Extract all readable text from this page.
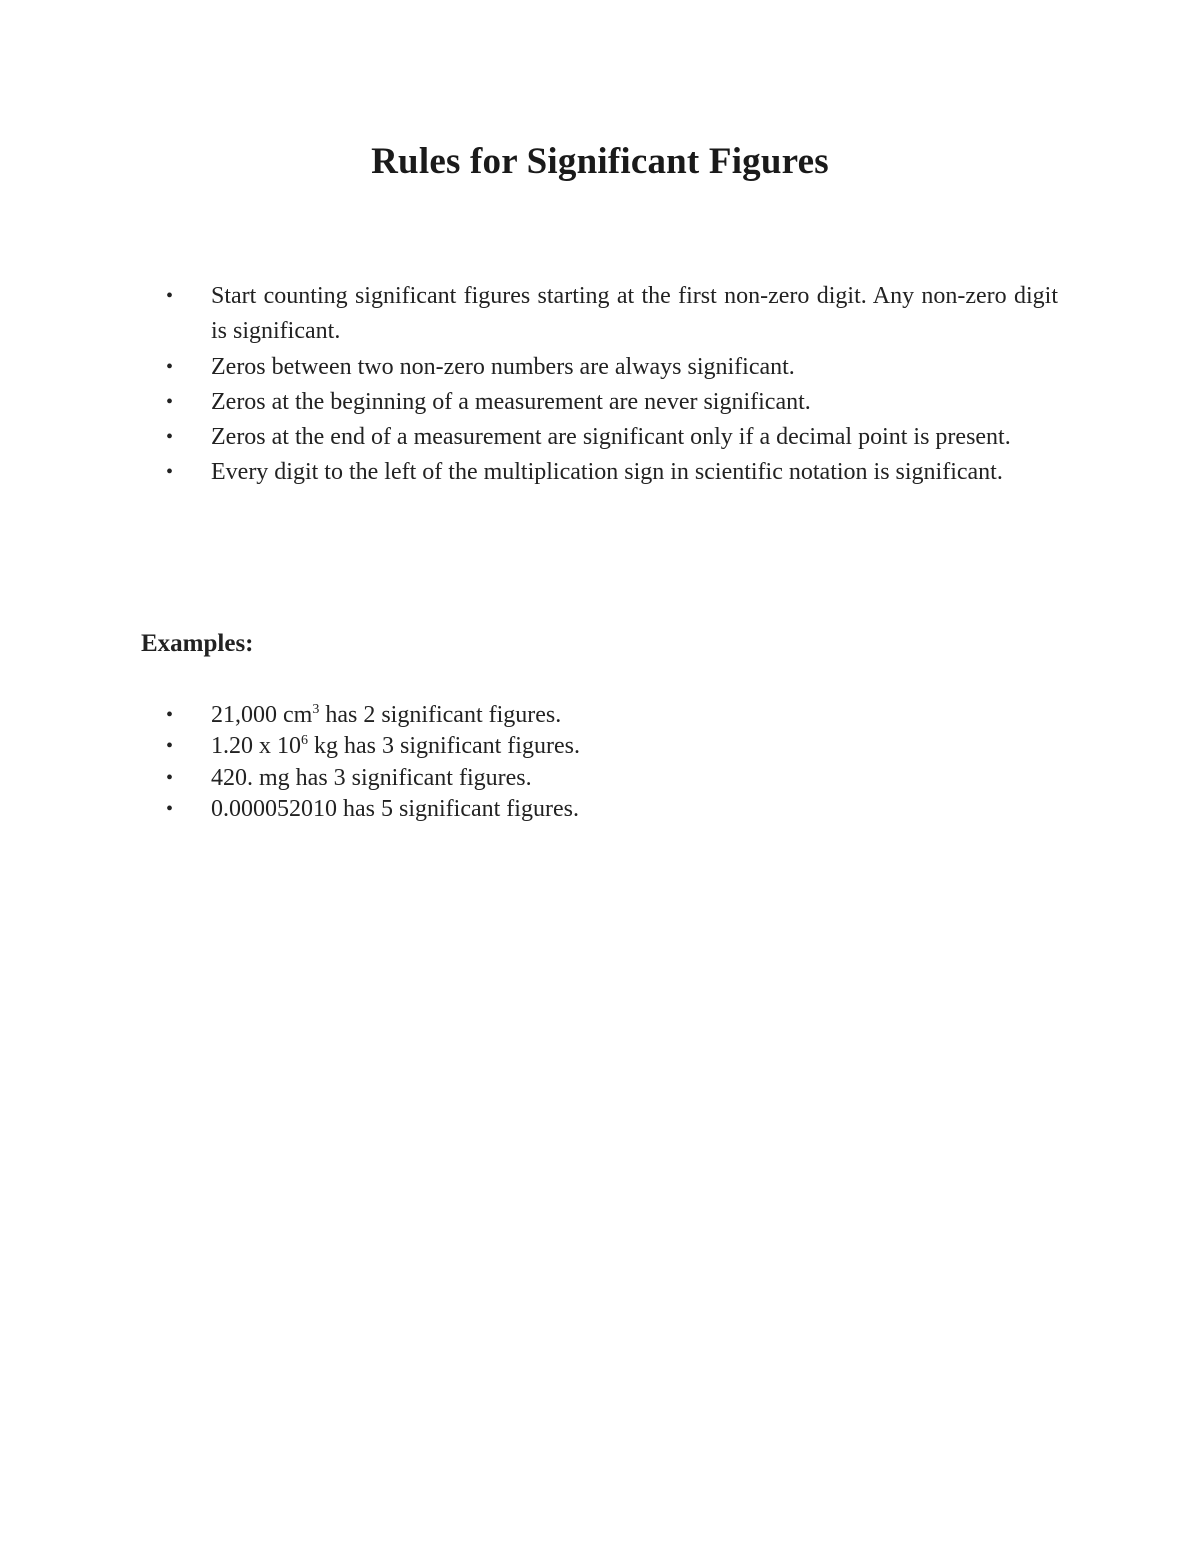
Rules for Significant Figures
• Start counting significant figures starting at the first non-zero digit. Any non-zero digit is significant.
• Zeros between two non-zero numbers are always significant.
• Zeros at the beginning of a measurement are never significant.
• Zeros at the end of a measurement are significant only if a decimal point is present.
• Every digit to the left of the multiplication sign in scientific notation is significant.
Examples:
• 21,000 $cm^3$ has 2 significant figures.
• 1.20 x $10^6$ kg has 3 significant figures.
• 420. mg has 3 significant figures.
• 0.000052010 has 5 significant figures.
